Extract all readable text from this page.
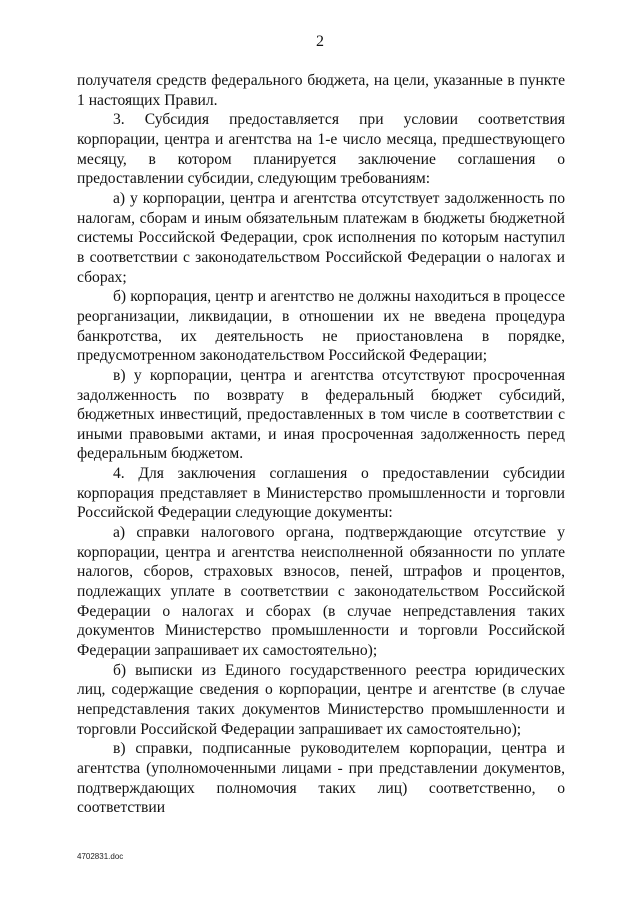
2

получателя средств федерального бюджета, на цели, указанные в пункте 1 настоящих Правил.

3. Субсидия предоставляется при условии соответствия корпорации, центра и агентства на 1-е число месяца, предшествующего месяцу, в котором планируется заключение соглашения о предоставлении субсидии, следующим требованиям:

а) у корпорации, центра и агентства отсутствует задолженность по налогам, сборам и иным обязательным платежам в бюджеты бюджетной системы Российской Федерации, срок исполнения по которым наступил в соответствии с законодательством Российской Федерации о налогах и сборах;

б) корпорация, центр и агентство не должны находиться в процессе реорганизации, ликвидации, в отношении их не введена процедура банкротства, их деятельность не приостановлена в порядке, предусмотренном законодательством Российской Федерации;

в) у корпорации, центра и агентства отсутствуют просроченная задолженность по возврату в федеральный бюджет субсидий, бюджетных инвестиций, предоставленных в том числе в соответствии с иными правовыми актами, и иная просроченная задолженность перед федеральным бюджетом.

4. Для заключения соглашения о предоставлении субсидии корпорация представляет в Министерство промышленности и торговли Российской Федерации следующие документы:

а) справки налогового органа, подтверждающие отсутствие у корпорации, центра и агентства неисполненной обязанности по уплате налогов, сборов, страховых взносов, пеней, штрафов и процентов, подлежащих уплате в соответствии с законодательством Российской Федерации о налогах и сборах (в случае непредставления таких документов Министерство промышленности и торговли Российской Федерации запрашивает их самостоятельно);

б) выписки из Единого государственного реестра юридических лиц, содержащие сведения о корпорации, центре и агентстве (в случае непредставления таких документов Министерство промышленности и торговли Российской Федерации запрашивает их самостоятельно);

в) справки, подписанные руководителем корпорации, центра и агентства (уполномоченными лицами - при представлении документов, подтверждающих полномочия таких лиц) соответственно, о соответствии

4702831.doc
